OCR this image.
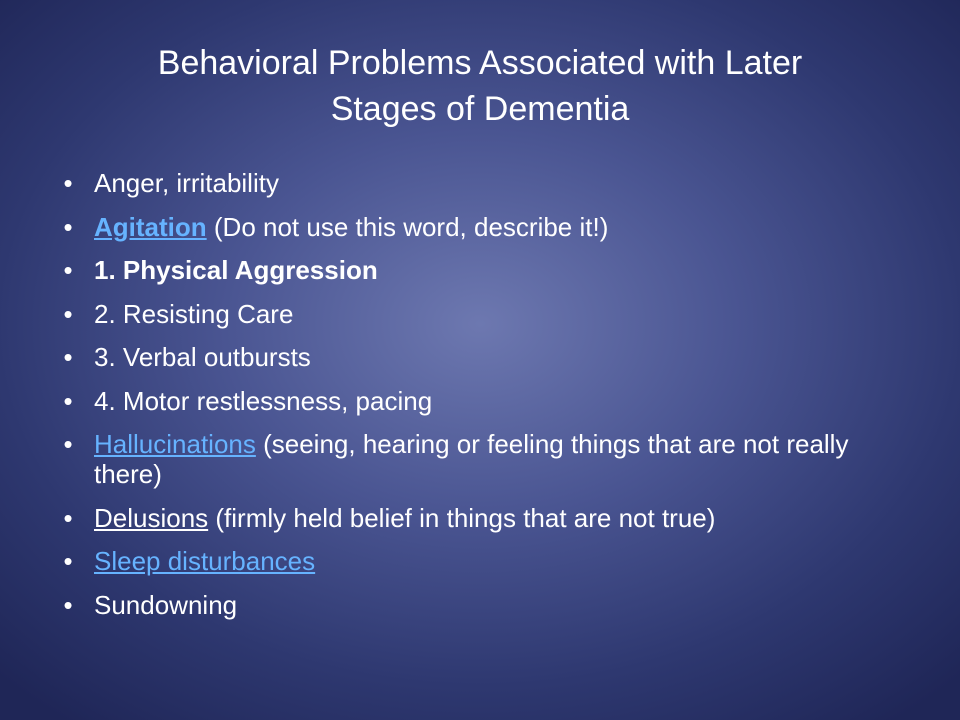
Behavioral Problems Associated with Later
Stages of Dementia
• Anger, irritability
• Agitation (Do not use this word, describe it!)
• 1. Physical Aggression
• 2. Resisting Care
• 3. Verbal outbursts
• 4. Motor restlessness, pacing
• Hallucinations (seeing, hearing or feeling things that are not really there)
• Delusions (firmly held belief in things that are not true)
• Sleep disturbances
• Sundowning
